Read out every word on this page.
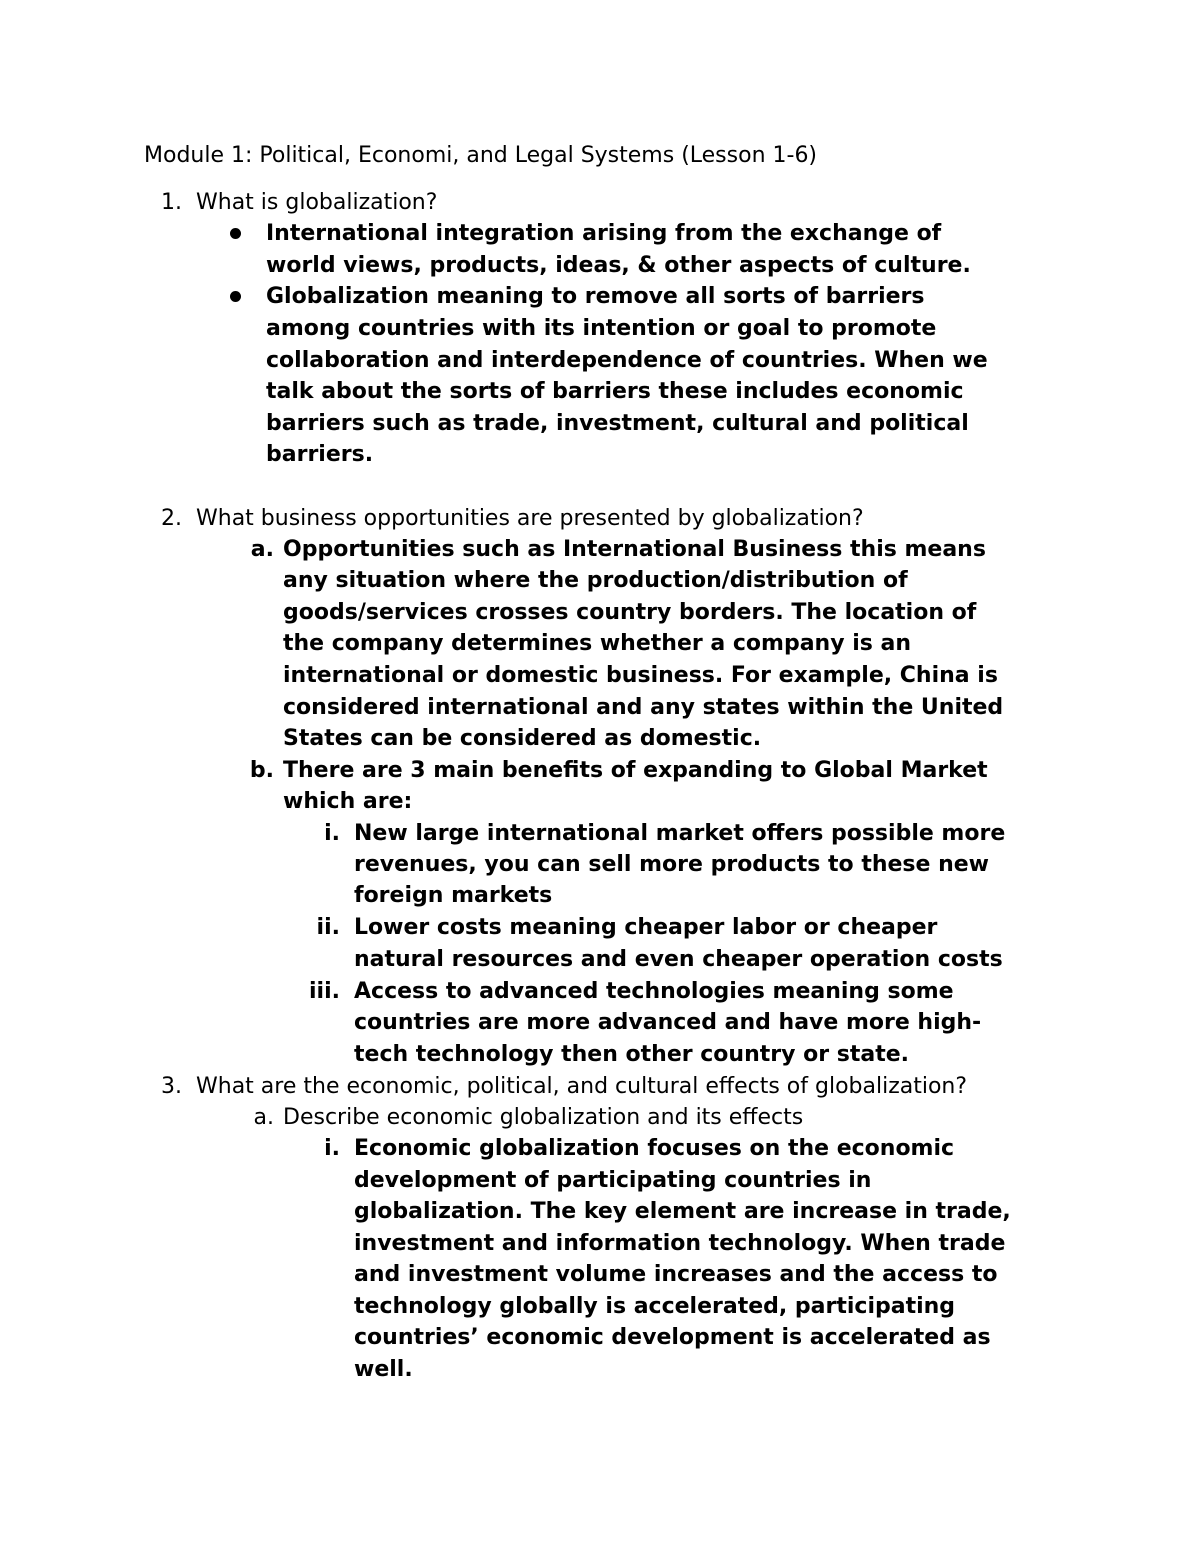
Module 1: Political, Economi, and Legal Systems (Lesson 1-6)
1. What is globalization?
International integration arising from the exchange of
world views, products, ideas, & other aspects of culture.
Globalization meaning to remove all sorts of barriers
among countries with its intention or goal to promote
collaboration and interdependence of countries. When we
talk about the sorts of barriers these includes economic
barriers such as trade, investment, cultural and political
barriers.
2. What business opportunities are presented by globalization?
a. Opportunities such as International Business this means
any situation where the production/distribution of
goods/services crosses country borders. The location of
the company determines whether a company is an
international or domestic business. For example, China is
considered international and any states within the United
States can be considered as domestic.
b. There are 3 main benefits of expanding to Global Market
which are:
i. New large international market offers possible more
revenues, you can sell more products to these new
foreign markets
ii. Lower costs meaning cheaper labor or cheaper
natural resources and even cheaper operation costs
iii. Access to advanced technologies meaning some
countries are more advanced and have more high-
tech technology then other country or state.
3. What are the economic, political, and cultural effects of globalization?
a. Describe economic globalization and its effects
i. Economic globalization focuses on the economic
development of participating countries in
globalization. The key element are increase in trade,
investment and information technology. When trade
and investment volume increases and the access to
technology globally is accelerated, participating
countries’ economic development is accelerated as
well.
